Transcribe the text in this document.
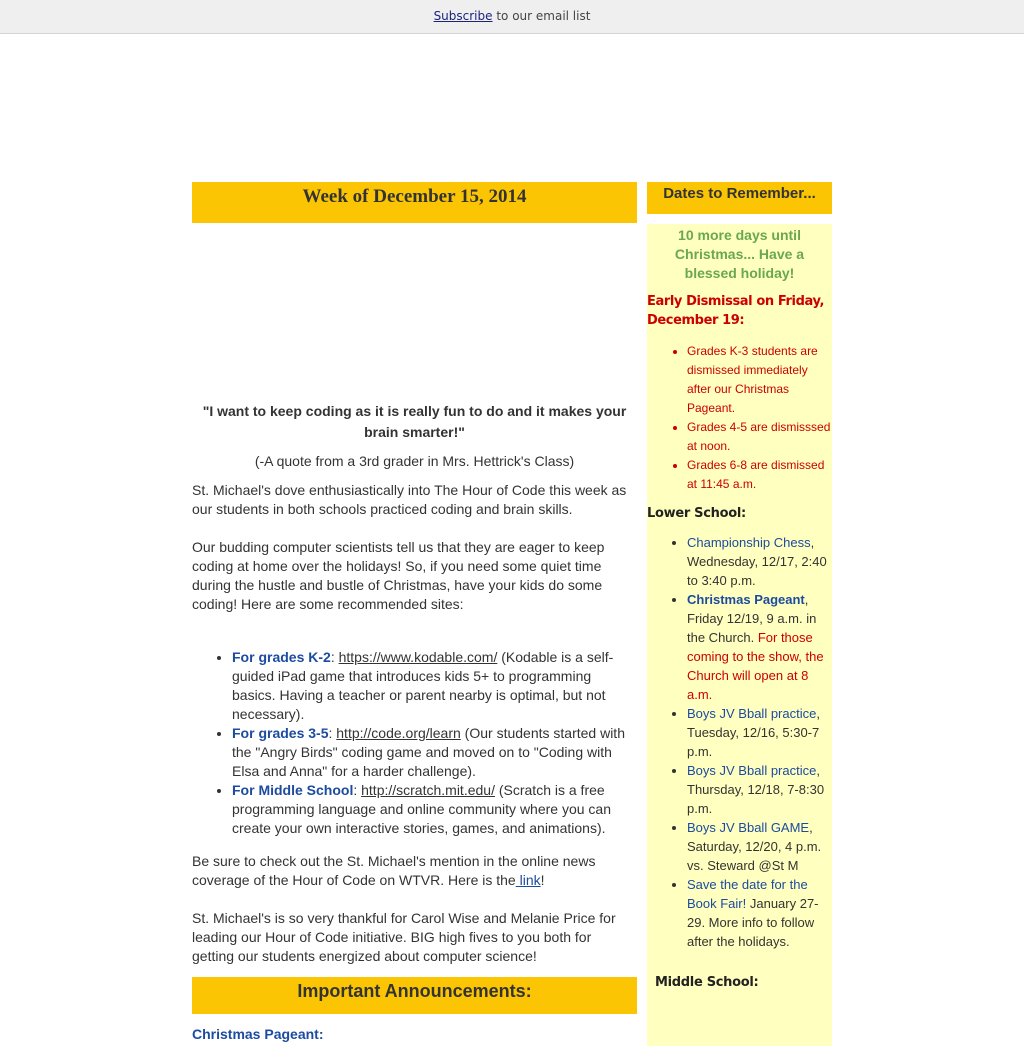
Subscribe to our email list
Week of December 15, 2014

"I want to keep coding as it is really fun to do and it makes your brain smarter!"

(-A quote from a 3rd grader in Mrs. Hettrick's Class)

St. Michael's dove enthusiastically into The Hour of Code this week as our students in both schools practiced coding and brain skills.

Our budding computer scientists tell us that they are eager to keep coding at home over the holidays! So, if you need some quiet time during the hustle and bustle of Christmas, have your kids do some coding! Here are some recommended sites:

• For grades K-2: https://www.kodable.com/ (Kodable is a self-guided iPad game that introduces kids 5+ to programming basics. Having a teacher or parent nearby is optimal, but not necessary).
• For grades 3-5: http://code.org/learn (Our students started with the "Angry Birds" coding game and moved on to "Coding with Elsa and Anna" for a harder challenge).
• For Middle School: http://scratch.mit.edu/ (Scratch is a free programming language and online community where you can create your own interactive stories, games, and animations).

Be sure to check out the St. Michael's mention in the online news coverage of the Hour of Code on WTVR. Here is the link!

St. Michael's is so very thankful for Carol Wise and Melanie Price for leading our Hour of Code initiative. BIG high fives to you both for getting our students energized about computer science!

Important Announcements:
Christmas Pageant:
Dates to Remember...

10 more days until Christmas... Have a blessed holiday!

Early Dismissal on Friday, December 19:

• Grades K-3 students are dismissed immediately after our Christmas Pageant.
• Grades 4-5 are dismisssed at noon.
• Grades 6-8 are dismissed at 11:45 a.m.

Lower School:

• Championship Chess, Wednesday, 12/17, 2:40 to 3:40 p.m.
• Christmas Pageant, Friday 12/19, 9 a.m. in the Church. For those coming to the show, the Church will open at 8 a.m.
• Boys JV Bball practice, Tuesday, 12/16, 5:30-7 p.m.
• Boys JV Bball practice, Thursday, 12/18, 7-8:30 p.m.
• Boys JV Bball GAME, Saturday, 12/20, 4 p.m. vs. Steward @St M
• Save the date for the Book Fair! January 27-29. More info to follow after the holidays.

Middle School:
